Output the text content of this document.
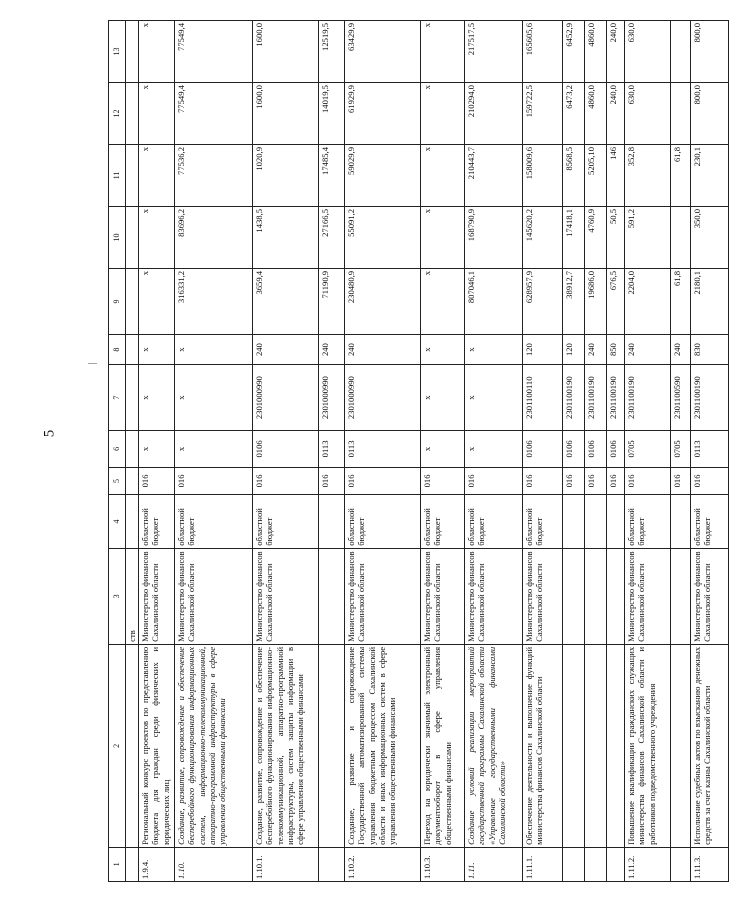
5
—
1	2	3	4	5	6	7	8	9	10	11	12	13
		ств										
1.9.4.	Региональный конкурс проектов по представлению бюджета для граждан среди физических и юридических лиц	Министерство финансов Сахалинской области	областной бюджет	016	x	x	x	x	x	x	x	x
1.10.	Создание, развитие, сопровождение и обеспечение бесперебойного функционирования информационных систем, информационно-телекоммуникационной, аппаратно-программной инфраструктуры в сфере управления общественными финансами	Министерство финансов Сахалинской области	областной бюджет	016	x	x	x	316331,2	83696,2	77536,2	77549,4	77549,4
1.10.1.	Создание, развитие, сопровождение и обеспечение бесперебойного функционирования информационно-телекоммуникационной, аппаратно-программной инфраструктуры, систем защиты информации в сфере управления общественными финансами	Министерство финансов Сахалинской области	областной бюджет	016	0106	2301000990	240	3659,4	1438,5	1020,9	1600,0	1600,0
				016	0113	2301000990	240	71190,9	27166,5	17485,4	14019,5	12519,5
1.10.2.	Создание, развитие и сопровождение Государственной автоматизированной системы управления бюджетным процессом Сахалинской области и иных информационных систем в сфере управления общественными финансами	Министерство финансов Сахалинской области	областной бюджет	016	0113	2301000990	240	230480,9	55091,2	59029,9	61929,9	63429,9
1.10.3.	Переход на юридически значимый электронный документооборот в сфере управления общественными финансами	Министерство финансов Сахалинской области	областной бюджет	016	x	x	x	x	x	x	x	x
1.11.	Создание условий реализации мероприятий государственной программы Сахалинской области «Управление государственными финансами Сахалинской области»	Министерство финансов Сахалинской области	областной бюджет	016	x	x	x	807046,1	168790,9	210443,7	210294,0	217517,5
1.11.1.	Обеспечение деятельности и выполнение функций министерства финансов Сахалинской области	Министерство финансов Сахалинской области	областной бюджет	016	0106	2301100110	120	628957,9	145620,2	158009,6	159722,5	165605,6
				016	0106	2301100190	120	38912,7	17418,1	8568,5	6473,2	6452,9
				016	0106	2301100190	240	19686,0	4760,9	5205,10	4860,0	4860,0
				016	0106	2301100190	850	676,5	50,5	146	240,0	240,0
1.11.2.	Повышение квалификации гражданских служащих министерства финансов Сахалинской области и работников подведомственного учреждения	Министерство финансов Сахалинской области	областной бюджет	016	0705	2301100190	240	2204,0	591,2	352,8	630,0	630,0
				016	0705	2301100590	240	61,8		61,8		
1.11.3.	Исполнение судебных актов по взысканию денежных средств за счет казны Сахалинской области	Министерство финансов Сахалинской области	областной бюджет	016	0113	2301100190	830	2180,1	350,0	230,1	800,0	800,0
